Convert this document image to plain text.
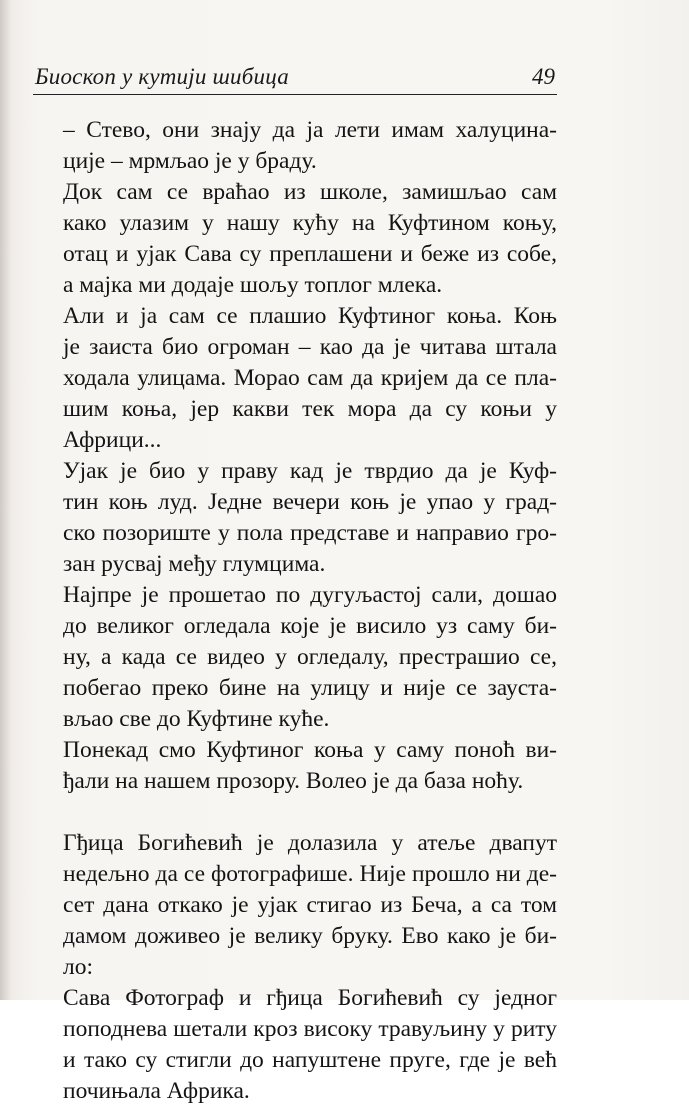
Биоскоп у кутији шибица	49
– Стево, они знају да ја лети имам халуцина-
ције – мрмљао је у браду.
Док сам се враћао из школе, замишљао сам
како улазим у нашу кућу на Куфтином коњу,
отац и ујак Сава су преплашени и беже из собе,
а мајка ми додаје шољу топлог млека.
Али и ја сам се плашио Куфтиног коња. Коњ
је заиста био огроман – као да је читава штала
ходала улицама. Морао сам да кријем да се пла-
шим коња, јер какви тек морa да су коњи у
Африци...
Ујак је био у праву кад је тврдио да је Куф-
тин коњ луд. Једне вечери коњ је упао у град-
ско позориште у пола представе и направио гро-
зан русвај међу глумцима.
Најпре је прошетао по дугуљастој сали, дошао
до великог огледала које је висило уз саму би-
ну, а када се видео у огледалу, престрашио се,
побегао преко бине на улицу и није се зауста-
вљао све до Куфтине куће.
Понекад смо Куфтиног коња у саму поноћ ви-
ђали на нашем прозору. Волео је да база ноћу.
Гђица Богићевић је долазила у атеље двапут
недељно да се фотографише. Није прошло ни де-
сет дана откако је ујак стигао из Беча, а са том
дамом доживео је велику бруку. Ево како је би-
ло:
Сава Фотограф и гђица Богићевић су једног
поподнева шетали кроз високу травуљину у риту
и тако су стигли до напуштене пруге, где је већ
почињала Африка.
